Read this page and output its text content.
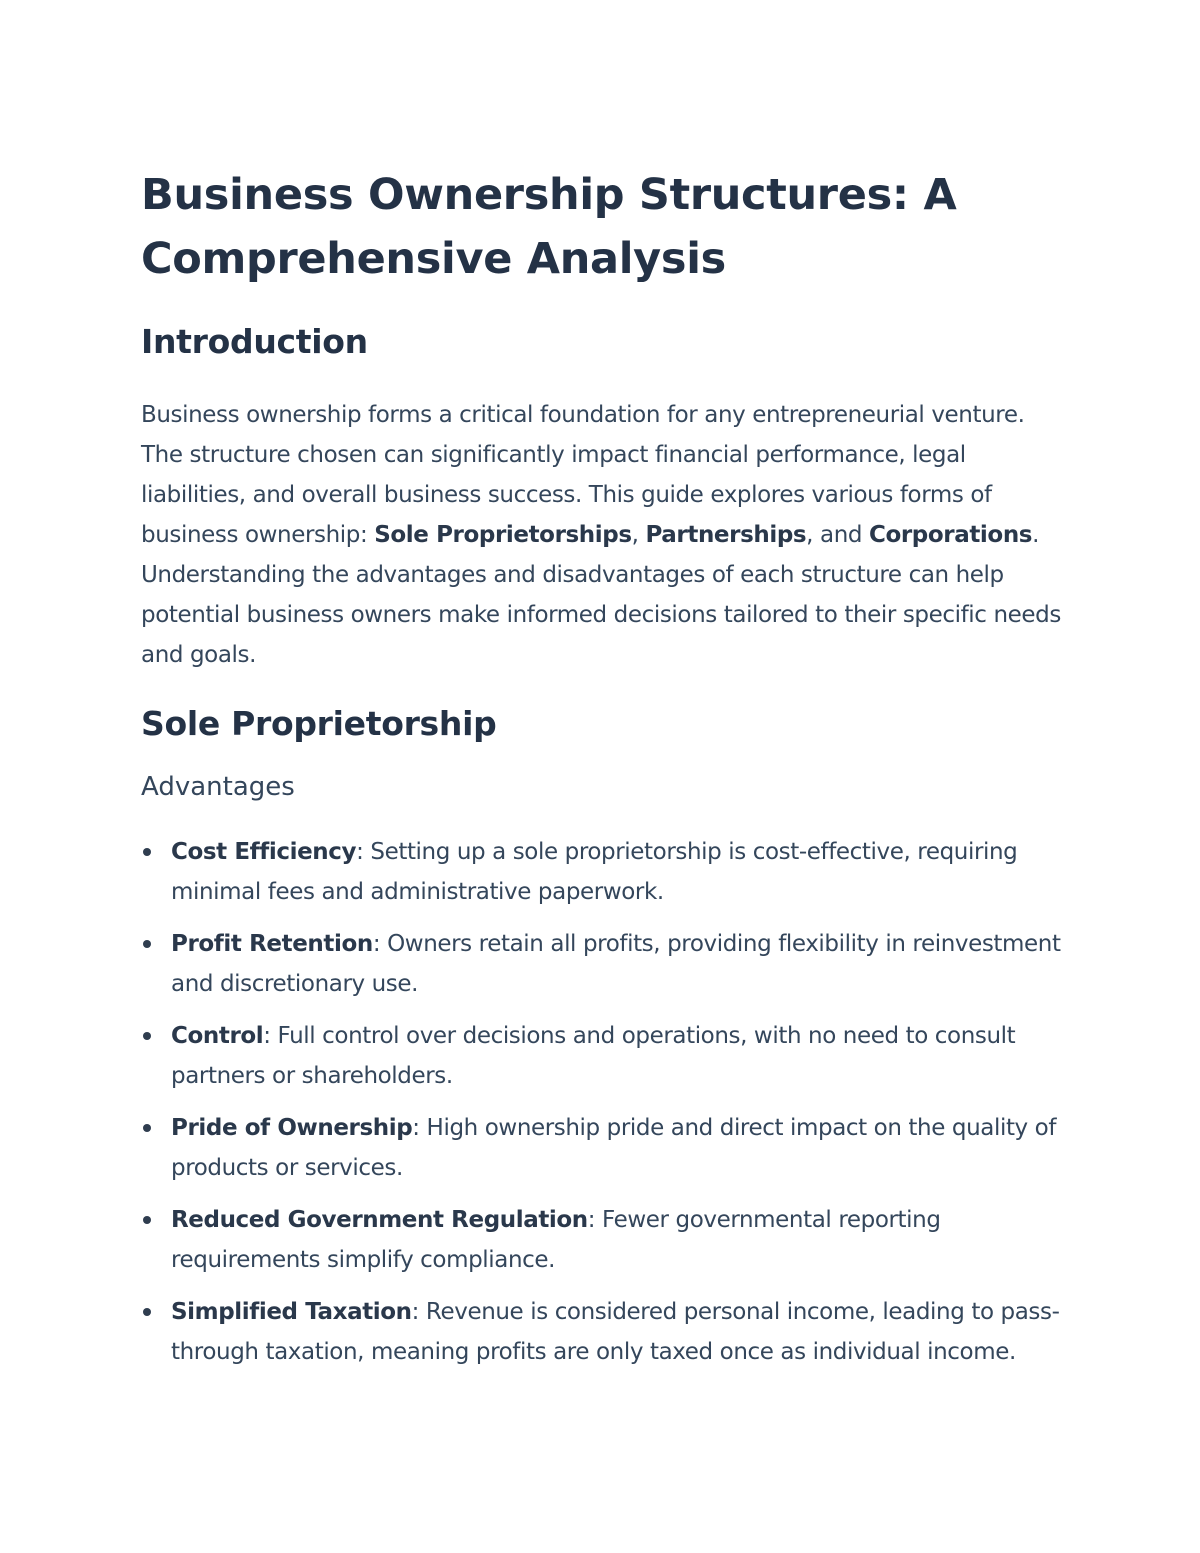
Business Ownership Structures: A Comprehensive Analysis
Introduction

Business ownership forms a critical foundation for any entrepreneurial venture. The structure chosen can significantly impact financial performance, legal liabilities, and overall business success. This guide explores various forms of business ownership: Sole Proprietorships, Partnerships, and Corporations. Understanding the advantages and disadvantages of each structure can help potential business owners make informed decisions tailored to their specific needs and goals.

Sole Proprietorship
Advantages
Cost Efficiency: Setting up a sole proprietorship is cost-effective, requiring minimal fees and administrative paperwork.
Profit Retention: Owners retain all profits, providing flexibility in reinvestment and discretionary use.
Control: Full control over decisions and operations, with no need to consult partners or shareholders.
Pride of Ownership: High ownership pride and direct impact on the quality of products or services.
Reduced Government Regulation: Fewer governmental reporting requirements simplify compliance.
Simplified Taxation: Revenue is considered personal income, leading to pass-through taxation, meaning profits are only taxed once as individual income.
